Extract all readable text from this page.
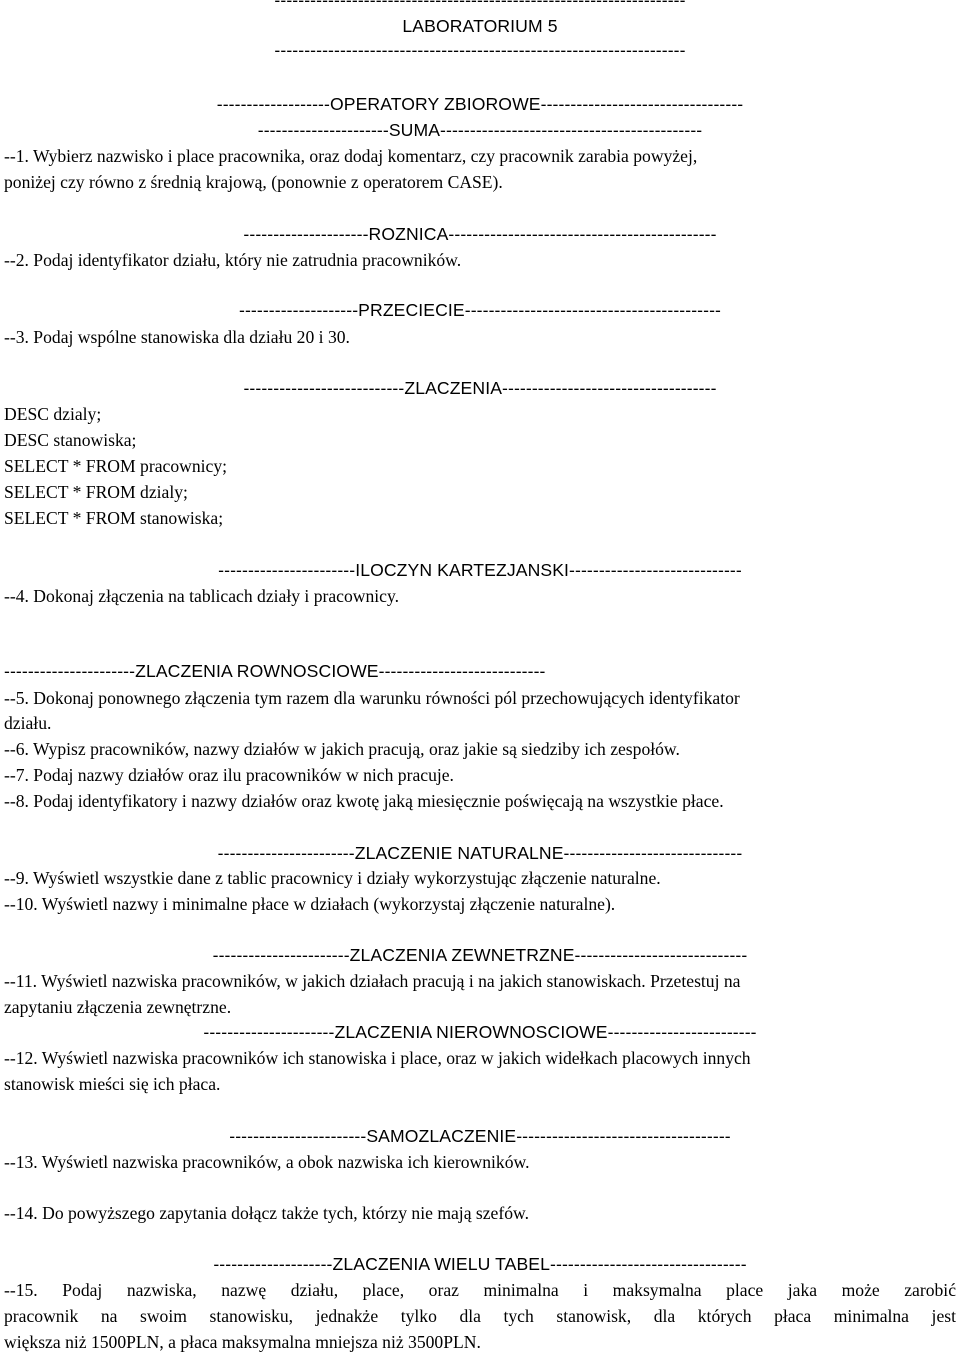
---------------------------------------------------------------------

LABORATORIUM 5

---------------------------------------------------------------------

-------------------OPERATORY ZBIOROWE----------------------------------

----------------------SUMA--------------------------------------------

--1. Wybierz nazwisko i place pracownika, oraz dodaj komentarz, czy pracownik zarabia powyżej,

poniżej czy równo z średnią krajową, (ponownie z operatorem CASE).

---------------------ROZNICA---------------------------------------------

--2. Podaj identyfikator działu, który nie zatrudnia pracowników.

--------------------PRZECIECIE-------------------------------------------

--3. Podaj wspólne stanowiska dla działu 20 i 30.

---------------------------ZLACZENIA------------------------------------

DESC dzialy;

DESC stanowiska;

SELECT * FROM pracownicy;

SELECT * FROM dzialy;

SELECT * FROM stanowiska;

-----------------------ILOCZYN KARTEZJANSKI-----------------------------

--4. Dokonaj złączenia na tablicach działy i pracownicy.

----------------------ZLACZENIA ROWNOSCIOWE----------------------------

--5. Dokonaj ponownego złączenia tym razem dla warunku równości pól przechowujących identyfikator

działu.

--6. Wypisz pracowników, nazwy działów w jakich pracują, oraz jakie są siedziby ich zespołów.

--7. Podaj nazwy działów oraz ilu pracowników w nich pracuje.

--8. Podaj identyfikatory i nazwy działów oraz kwotę jaką miesięcznie poświęcają na wszystkie płace.

-----------------------ZLACZENIE NATURALNE------------------------------

--9. Wyświetl wszystkie dane z tablic pracownicy i działy wykorzystując złączenie naturalne.

--10. Wyświetl nazwy i minimalne płace w działach (wykorzystaj złączenie naturalne).

-----------------------ZLACZENIA ZEWNETRZNE-----------------------------

--11. Wyświetl nazwiska pracowników, w jakich działach pracują i na jakich stanowiskach. Przetestuj na

zapytaniu złączenia zewnętrzne.

----------------------ZLACZENIA NIEROWNOSCIOWE-------------------------

--12. Wyświetl nazwiska pracowników ich stanowiska i place, oraz w jakich widełkach placowych innych

stanowisk mieści się ich płaca.

-----------------------SAMOZLACZENIE------------------------------------

--13. Wyświetl nazwiska pracowników, a obok nazwiska ich kierowników.

--14. Do powyższego zapytania dołącz także tych, którzy nie mają szefów.

--------------------ZLACZENIA WIELU TABEL---------------------------------

--15. Podaj nazwiska, nazwę działu, place, oraz minimalna i maksymalna place jaka może zarobić

pracownik na swoim stanowisku, jednakże tylko dla tych stanowisk, dla których płaca minimalna jest

większa niż 1500PLN, a płaca maksymalna mniejsza niż 3500PLN.
